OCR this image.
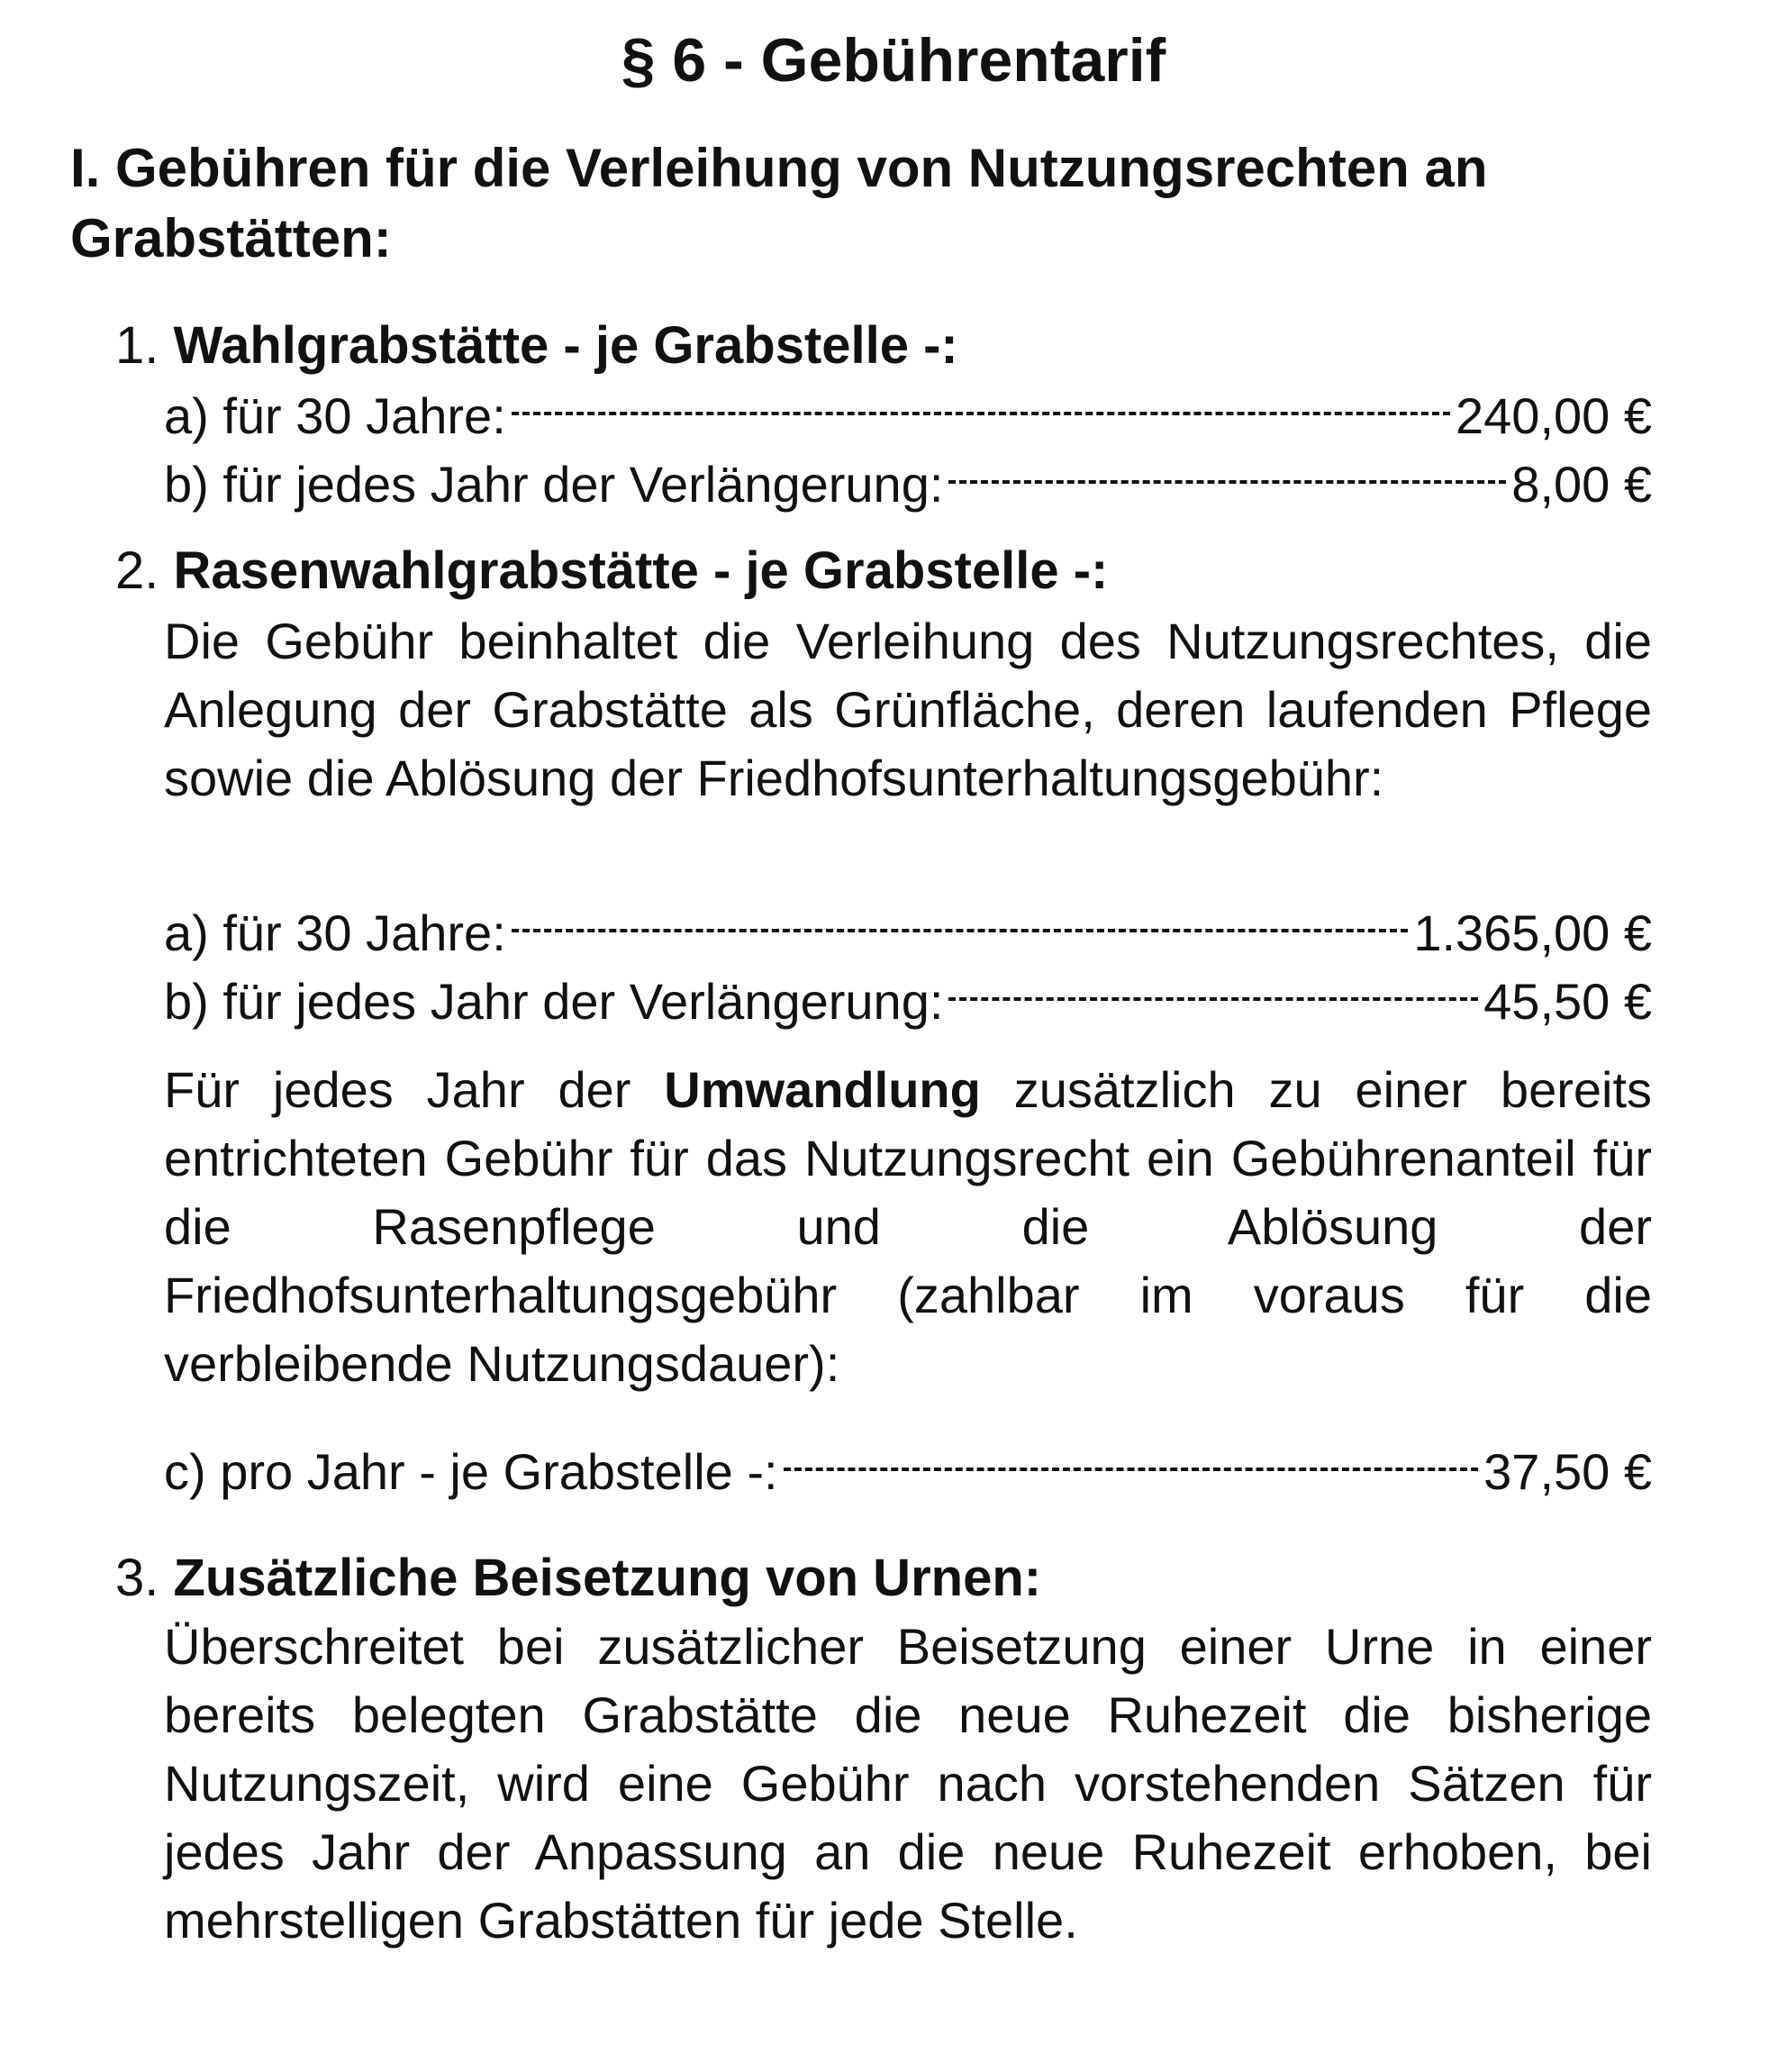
§ 6 - Gebührentarif
I. Gebühren für die Verleihung von Nutzungsrechten an Grabstätten:
1. Wahlgrabstätte - je Grabstelle -:
a) für 30 Jahre:	240,00 €
b) für jedes Jahr der Verlängerung:	8,00 €
2. Rasenwahlgrabstätte - je Grabstelle -:
Die Gebühr beinhaltet die Verleihung des Nutzungsrechtes, die Anlegung der Grabstätte als Grünfläche, deren laufenden Pflege sowie die Ablösung der Friedhofsunterhaltungsgebühr:
a) für 30 Jahre:	1.365,00 €
b) für jedes Jahr der Verlängerung:	45,50 €
Für jedes Jahr der Umwandlung zusätzlich zu einer bereits entrichteten Gebühr für das Nutzungsrecht ein Gebührenanteil für die Rasenpflege und die Ablösung der Friedhofsunterhaltungsgebühr (zahlbar im voraus für die verbleibende Nutzungsdauer):
c) pro Jahr - je Grabstelle -:	37,50 €
3. Zusätzliche Beisetzung von Urnen:
Überschreitet bei zusätzlicher Beisetzung einer Urne in einer bereits belegten Grabstätte die neue Ruhezeit die bisherige Nutzungszeit, wird eine Gebühr nach vorstehenden Sätzen für jedes Jahr der Anpassung an die neue Ruhezeit erhoben, bei mehrstelligen Grabstätten für jede Stelle.
